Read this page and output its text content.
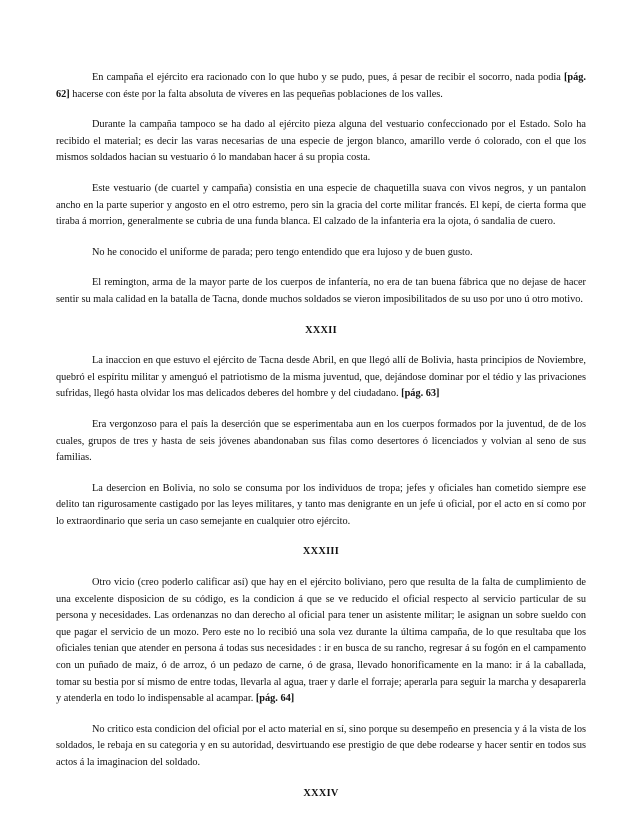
En campaña el ejército era racionado con lo que hubo y se pudo, pues, á pesar de recibir el socorro, nada podia [pág. 62] hacerse con éste por la falta absoluta de víveres en las pequeñas poblaciones de los valles.

Durante la campaña tampoco se ha dado al ejército pieza alguna del vestuario confeccionado por el Estado. Solo ha recibido el material; es decir las varas necesarias de una especie de jergon blanco, amarillo verde ó colorado, con el que los mismos soldados hacian su vestuario ó lo mandaban hacer á su propia costa.

Este vestuario (de cuartel y campaña) consistia en una especie de chaquetilla suava con vivos negros, y un pantalon ancho en la parte superior y angosto en el otro estremo, pero sin la gracia del corte militar francés. El kepí, de cierta forma que tiraba á morrion, generalmente se cubria de una funda blanca. El calzado de la infanteria era la ojota, ó sandalia de cuero.

No he conocido el uniforme de parada; pero tengo entendido que era lujoso y de buen gusto.

El remington, arma de la mayor parte de los cuerpos de infantería, no era de tan buena fábrica que no dejase de hacer sentir su mala calidad en la batalla de Tacna, donde muchos soldados se vieron imposibilitados de su uso por uno ú otro motivo.

XXXII

La inaccion en que estuvo el ejército de Tacna desde Abril, en que llegó allí de Bolivia, hasta principios de Noviembre, quebró el espíritu militar y amenguó el patriotismo de la misma juventud, que, dejándose dominar por el tédio y las privaciones sufridas, llegó hasta olvidar los mas delicados deberes del hombre y del ciudadano. [pág. 63]

Era vergonzoso para el país la deserción que se esperimentaba aun en los cuerpos formados por la juventud, de de los cuales, grupos de tres y hasta de seis jóvenes abandonaban sus filas como desertores ó licenciados y volvian al seno de sus familias.

La desercion en Bolivia, no solo se consuma por los individuos de tropa; jefes y oficiales han cometido siempre ese delito tan rigurosamente castigado por las leyes militares, y tanto mas denigrante en un jefe ú oficial, por el acto en sí como por lo extraordinario que seria un caso semejante en cualquier otro ejército.

XXXIII

Otro vicio (creo poderlo calificar así) que hay en el ejército boliviano, pero que resulta de la falta de cumplimiento de una excelente disposicion de su código, es la condicion á que se ve reducido el oficial respecto al servicio particular de su persona y necesidades. Las ordenanzas no dan derecho al oficial para tener un asistente militar; le asignan un sobre sueldo con que pagar el servicio de un mozo. Pero este no lo recibió una sola vez durante la última campaña, de lo que resultaba que los oficiales tenian que atender en persona á todas sus necesidades : ir en busca de su rancho, regresar á su fogón en el campamento con un puñado de maiz, ó de arroz, ó un pedazo de carne, ó de grasa, llevado honorificamente en la mano: ir á la caballada, tomar su bestia por sí mismo de entre todas, llevarla al agua, traer y darle el forraje; aperarla para seguir la marcha y desaparerla y atenderla en todo lo indispensable al acampar. [pág. 64]

No critico esta condicion del oficial por el acto material en sí, sino porque su desempeño en presencia y á la vista de los soldados, le rebaja en su categoria y en su autoridad, desvirtuando ese prestigio de que debe rodearse y hacer sentir en todos sus actos á la imaginacion del soldado.

XXXIV
